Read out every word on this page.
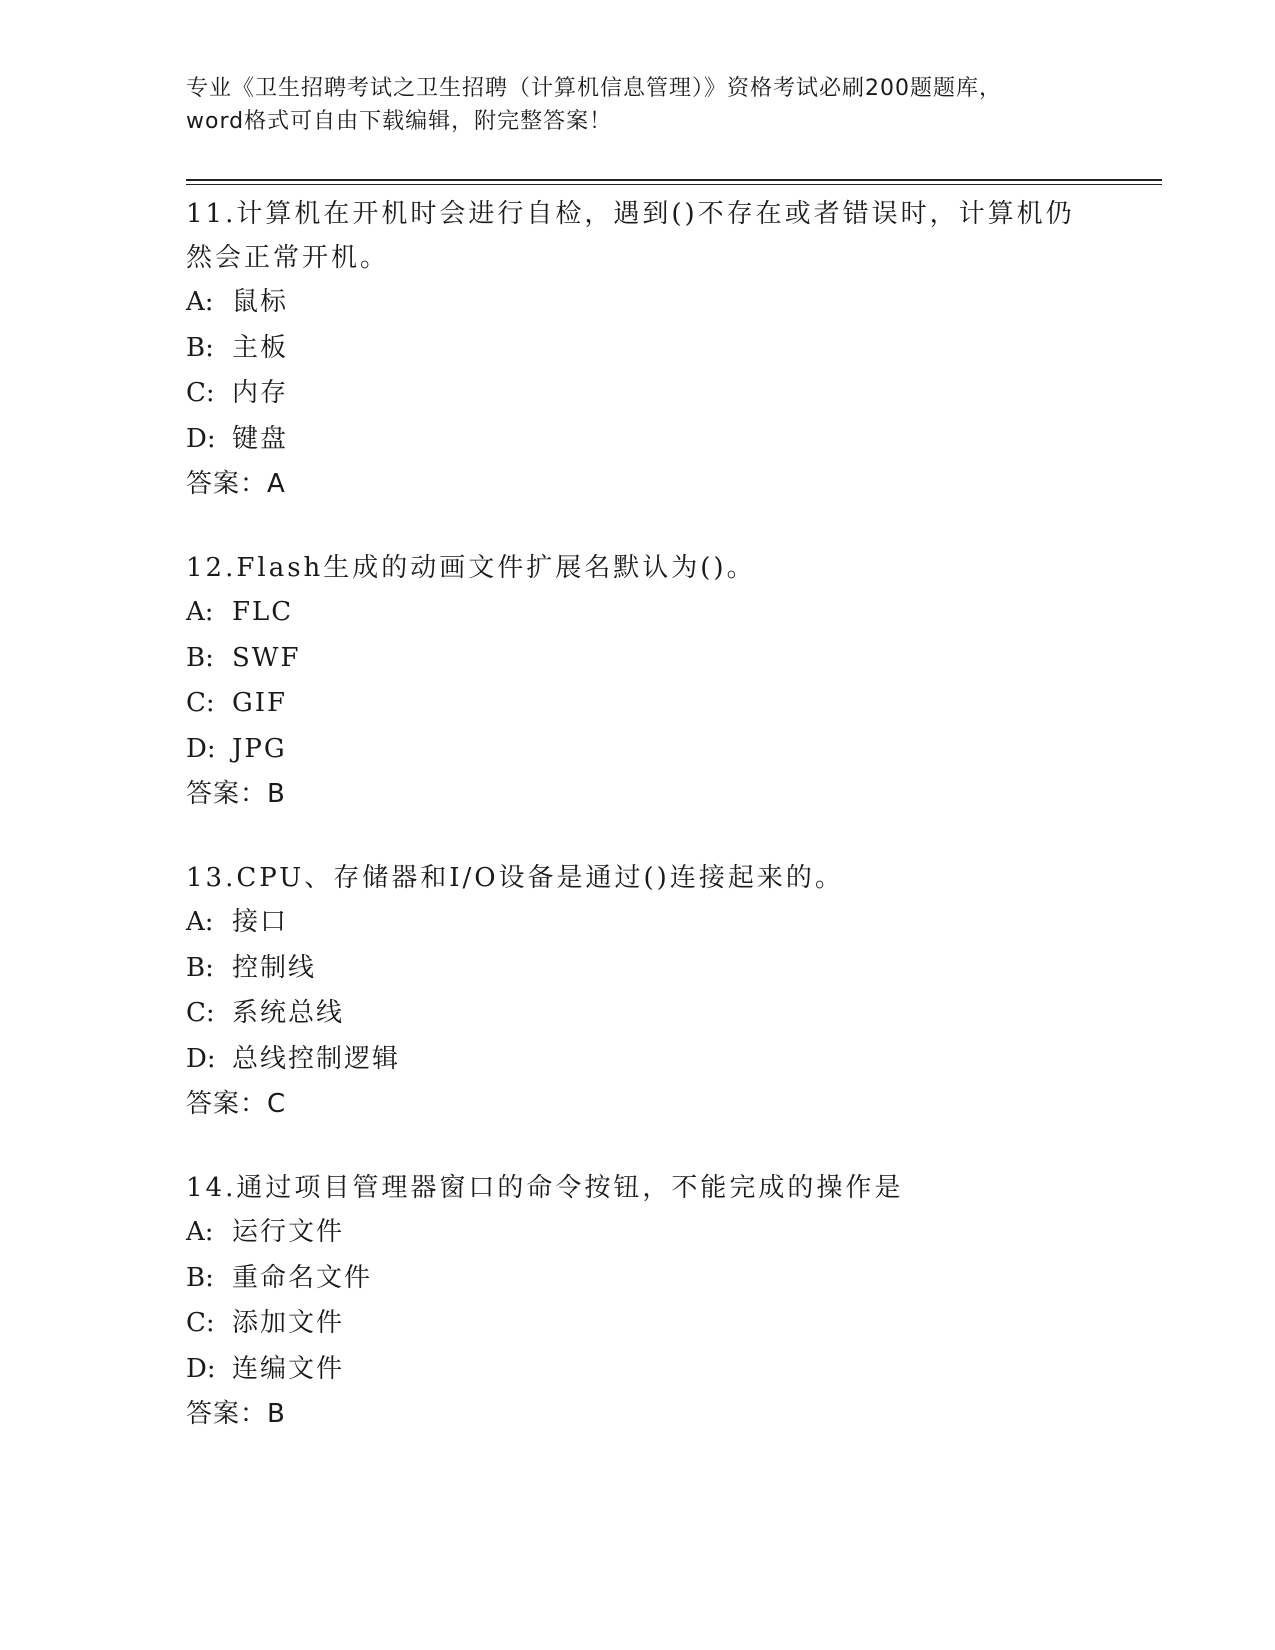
专业《卫生招聘考试之卫生招聘（计算机信息管理）》资格考试必刷200题题库，
word格式可自由下载编辑，附完整答案！
11.计算机在开机时会进行自检，遇到()不存在或者错误时，计算机仍
然会正常开机。
A: 鼠标
B: 主板
C: 内存
D: 键盘
答案：A
12.Flash生成的动画文件扩展名默认为()。
A: FLC
B: SWF
C: GIF
D: JPG
答案：B
13.CPU、存储器和I/O设备是通过()连接起来的。
A: 接口
B: 控制线
C: 系统总线
D: 总线控制逻辑
答案：C
14.通过项目管理器窗口的命令按钮，不能完成的操作是
A: 运行文件
B: 重命名文件
C: 添加文件
D: 连编文件
答案：B
